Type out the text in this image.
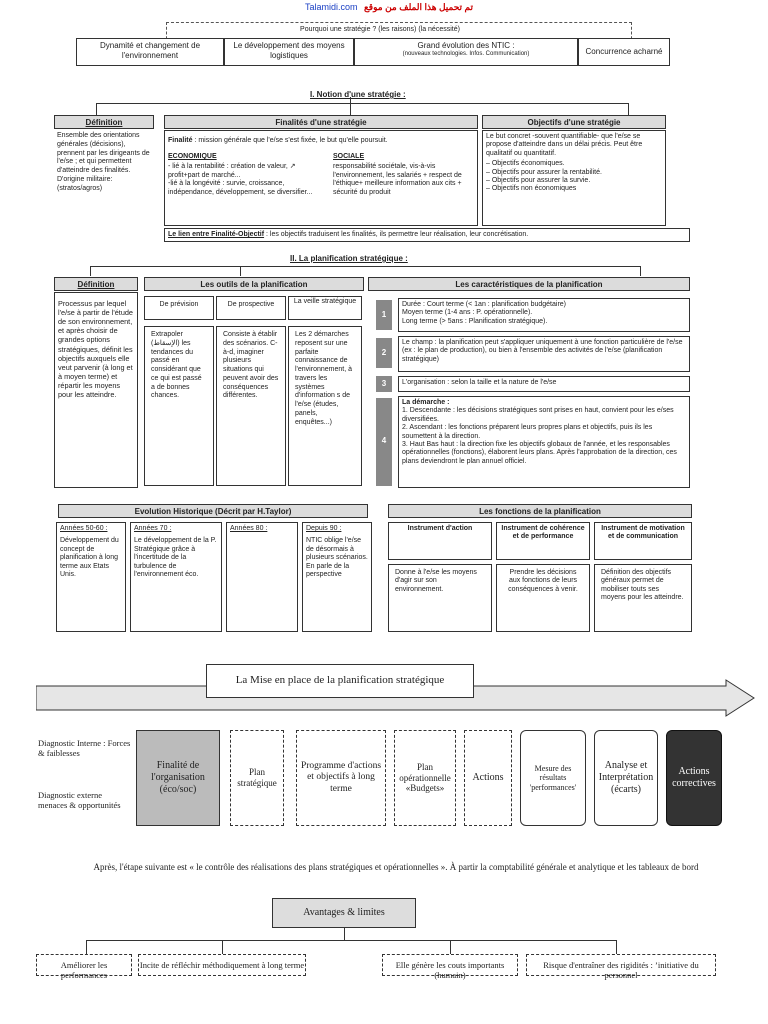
Talamidi.com تم تحميل هذا الملف من موقع
Pourquoi une stratégie ? (les raisons) (la nécessité)
Dynamité et changement de l'environnement
Le développement des moyens logistiques
Grand évolution des NTIC :
(nouveaux technologies. Infos. Communication)	Concurrence acharné
I. Notion d'une stratégie :
Définition
Ensemble des orientations générales (décisions), prennent par les dirigeants de l'e/se ; et qui permettent d'atteindre des finalités. D'origine militaire:(stratos/agros)
Finalités d'une stratégie
Finalité : mission générale que l'e/se s'est fixée, le but qu'elle poursuit.
ECONOMIQUE
- lié à la rentabilité : création de valeur, ↗ profit+part de marché...
-lié à la longévité : survie, croissance, indépendance, développement, se diversifier...
SOCIALE
responsabilité sociétale, vis-à-vis l'environnement, les salariés + respect de l'éthique+ meilleure information aux cits + sécurité du produit
Objectifs d'une stratégie
Le but concret -souvent quantifiable- que l'e/se se propose d'atteindre dans un délai précis. Peut être qualitatif ou quantitatif.
– Objectifs économiques.
– Objectifs pour assurer la rentabilité.
– Objectifs pour assurer la survie.
– Objectifs non économiques
Le lien entre Finalité-Objectif : les objectifs traduisent les finalités, ils permettre leur réalisation, leur concrétisation.
II. La planification stratégique :
Définition
Processus par lequel l'e/se à partir de l'étude de son environnement, et après choisir de grandes options stratégiques, définit les objectifs auxquels elle veut parvenir (à long et à moyen terme) et répartir les moyens pour les atteindre.
Les outils de la planification
De prévision	De prospective	La veille stratégique
Extrapoler (الإسقاط) les tendances du passé en considérant que ce qui est passé a de bonnes chances.
Consiste à établir des scénarios. C-à-d, imaginer plusieurs situations qui peuvent avoir des conséquences différentes.
Les 2 démarches reposent sur une parfaite connaissance de l'environnement, à travers les systèmes d'information s de l'e/se (études, panels, enquêtes...)
Les caractéristiques de la planification
1
Durée : Court terme (< 1an : planification budgétaire)
Moyen terme (1-4 ans : P. opérationnelle).
Long terme (> 5ans : Planification stratégique).
2
Le champ : la planification peut s'appliquer uniquement à une fonction particulière de l'e/se (ex : le plan de production), ou bien à l'ensemble des activités de l'e/se (planification stratégique)
3	L'organisation : selon la taille et la nature de l'e/se
4
La démarche :
1. Descendante : les décisions stratégiques sont prises en haut, convient pour les e/ses diversifiées.
2. Ascendant : les fonctions préparent leurs propres plans et objectifs, puis ils les soumettent à la direction.
3. Haut Bas haut : la direction fixe les objectifs globaux de l'année, et les responsables opérationnelles (fonctions), élaborent leurs plans. Après l'approbation de la direction, ces plans deviendront le plan annuel officiel.
Evolution Historique (Décrit par H.Taylor)
Années 50-60 :
Développement du concept de planification à long terme aux Etats Unis.
Années 70 :
Le développement de la P. Stratégique grâce à l'incertitude de la turbulence de l'environnement éco.
Années 80 :	Depuis 90 :
NTIC oblige l'e/se de désormais à plusieurs scénarios. En parle de la perspective
Les fonctions de la planification
Instrument d'action	Instrument de cohérence et de performance
Instrument de motivation et de communication
Donne à l'e/se les moyens d'agir sur son environnement.
Prendre les décisions aux fonctions de leurs conséquences à venir.
Définition des objectifs généraux permet de mobiliser touts ses moyens pour les atteindre.
La Mise en place de la planification stratégique
Diagnostic Interne : Forces & faiblesses
Diagnostic externe menaces & opportunités
Finalité de l'organisation (éco/soc)
Plan stratégique
Programme d'actions et objectifs à long terme
Plan opérationnelle «Budgets»
Actions
Mesure des résultats 'performances'
Analyse et Interprétation (écarts)
Actions correctives
Après, l'étape suivante est « le contrôle des réalisations des plans stratégiques et opérationnelles ». À partir la comptabilité générale et analytique et les tableaux de bord
Avantages & limites
Améliorer les performances
Incite de réfléchir méthodiquement à long terme	Elle génère les couts importants (humain)
Risque d'entraîner des rigidités : ’initiative du personnel
